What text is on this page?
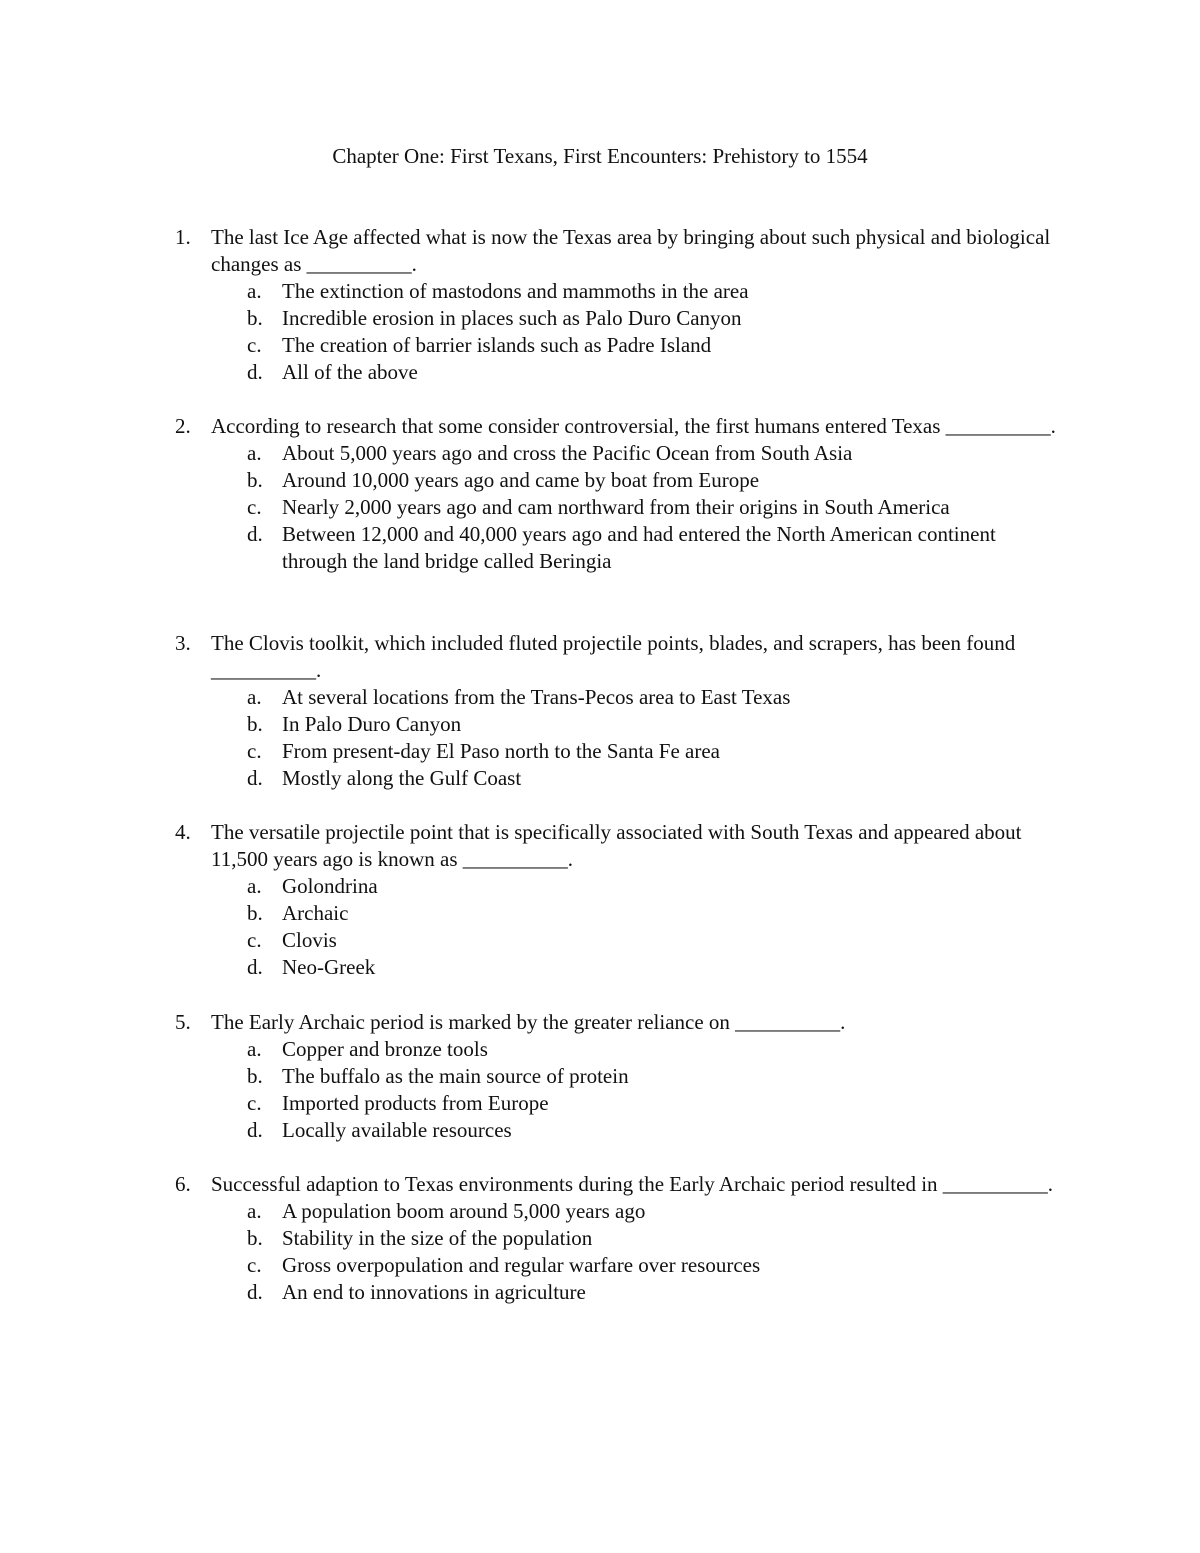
Chapter One: First Texans, First Encounters: Prehistory to 1554
1. The last Ice Age affected what is now the Texas area by bringing about such physical and biological changes as __________.
a. The extinction of mastodons and mammoths in the area
b. Incredible erosion in places such as Palo Duro Canyon
c. The creation of barrier islands such as Padre Island
d. All of the above
2. According to research that some consider controversial, the first humans entered Texas __________.
a. About 5,000 years ago and cross the Pacific Ocean from South Asia
b. Around 10,000 years ago and came by boat from Europe
c. Nearly 2,000 years ago and cam northward from their origins in South America
d. Between 12,000 and 40,000 years ago and had entered the North American continent through the land bridge called Beringia
3. The Clovis toolkit, which included fluted projectile points, blades, and scrapers, has been found __________.
a. At several locations from the Trans-Pecos area to East Texas
b. In Palo Duro Canyon
c. From present-day El Paso north to the Santa Fe area
d. Mostly along the Gulf Coast
4. The versatile projectile point that is specifically associated with South Texas and appeared about 11,500 years ago is known as __________.
a. Golondrina
b. Archaic
c. Clovis
d. Neo-Greek
5. The Early Archaic period is marked by the greater reliance on __________.
a. Copper and bronze tools
b. The buffalo as the main source of protein
c. Imported products from Europe
d. Locally available resources
6. Successful adaption to Texas environments during the Early Archaic period resulted in __________.
a. A population boom around 5,000 years ago
b. Stability in the size of the population
c. Gross overpopulation and regular warfare over resources
d. An end to innovations in agriculture
